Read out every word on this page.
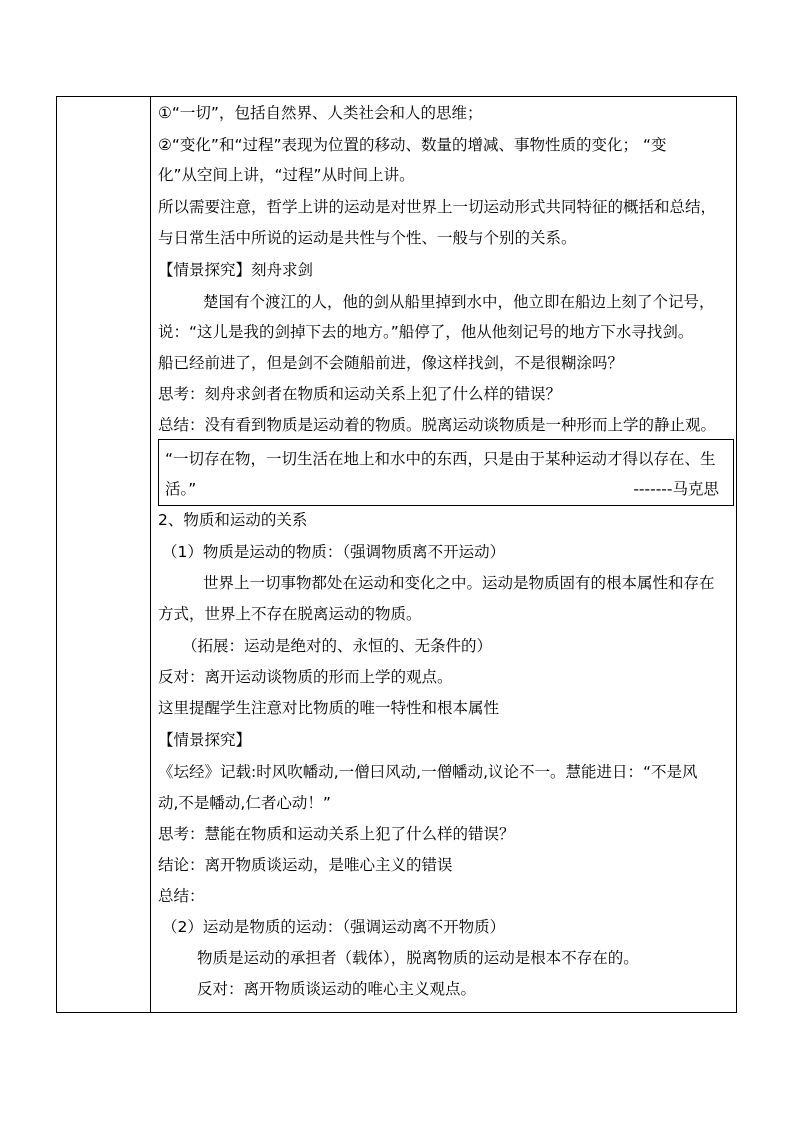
①“一切”，包括自然界、人类社会和人的思维；
②“变化”和“过程”表现为位置的移动、数量的增减、事物性质的变化； “变
化”从空间上讲，“过程”从时间上讲。
所以需要注意，哲学上讲的运动是对世界上一切运动形式共同特征的概括和总结，
与日常生活中所说的运动是共性与个性、一般与个别的关系。
【情景探究】刻舟求剑
楚国有个渡江的人，他的剑从船里掉到水中，他立即在船边上刻了个记号，
说：“这儿是我的剑掉下去的地方。”船停了，他从他刻记号的地方下水寻找剑。
船已经前进了，但是剑不会随船前进，像这样找剑，不是很糊涂吗？
思考：刻舟求剑者在物质和运动关系上犯了什么样的错误？
总结：没有看到物质是运动着的物质。脱离运动谈物质是一种形而上学的静止观。
“一切存在物，一切生活在地上和水中的东西，只是由于某种运动才得以存在、生
活。”	-------马克思
2、物质和运动的关系
（1）物质是运动的物质：（强调物质离不开运动）
世界上一切事物都处在运动和变化之中。运动是物质固有的根本属性和存在
方式，世界上不存在脱离运动的物质。
（拓展：运动是绝对的、永恒的、无条件的）
反对：离开运动谈物质的形而上学的观点。
这里提醒学生注意对比物质的唯一特性和根本属性
【情景探究】
《坛经》记载:时风吹幡动,一僧曰风动,一僧幡动,议论不一。慧能进日：“不是风
动,不是幡动,仁者心动！”
思考：慧能在物质和运动关系上犯了什么样的错误？
结论：离开物质谈运动，是唯心主义的错误
总结：
（2）运动是物质的运动：（强调运动离不开物质）
物质是运动的承担者（载体），脱离物质的运动是根本不存在的。
反对：离开物质谈运动的唯心主义观点。
